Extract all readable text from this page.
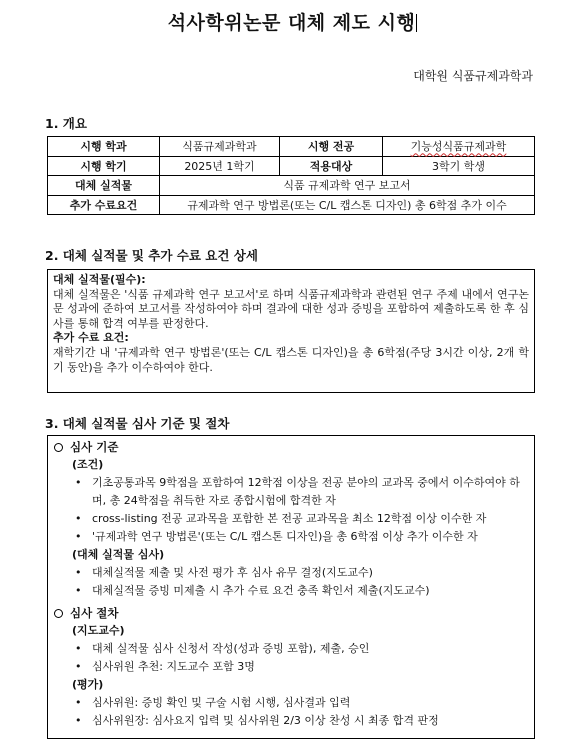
석사학위논문 대체 제도 시행
대학원 식품규제과학과
1. 개요
시행 학과	식품규제과학과	시행 전공	기능성식품규제과학
시행 학기	2025년 1학기	적용대상	3학기 학생
대체 실적물	식품 규제과학 연구 보고서		
추가 수료요건	규제과학 연구 방법론(또는 C/L 캡스톤 디자인) 총 6학점 추가 이수		
2. 대체 실적물 및 추가 수료 요건 상세
대체 실적물(필수):
대체 실적물은 '식품 규제과학 연구 보고서'로 하며 식품규제과학과 관련된 연구 주제 내에서 연구논문 성과에 준하여 보고서를 작성하여야 하며 결과에 대한 성과 증빙을 포함하여 제출하도록 한 후 심사를 통해 합격 여부를 판정한다.
추가 수료 요건:
재학기간 내 '규제과학 연구 방법론'(또는 C/L 캡스톤 디자인)을 총 6학점(주당 3시간 이상, 2개 학기 동안)을 추가 이수하여야 한다.
3. 대체 실적물 심사 기준 및 절차
심사 기준
(조건)
• 기초공통과목 9학점을 포함하여 12학점 이상을 전공 분야의 교과목 중에서 이수하여야 하며, 총 24학점을 취득한 자로 종합시험에 합격한 자
• cross-listing 전공 교과목을 포함한 본 전공 교과목을 최소 12학점 이상 이수한 자
• '규제과학 연구 방법론'(또는 C/L 캡스톤 디자인)을 총 6학점 이상 추가 이수한 자
(대체 실적물 심사)
• 대체실적물 제출 및 사전 평가 후 심사 유무 결정(지도교수)
• 대체실적물 증빙 미제출 시 추가 수료 요건 충족 확인서 제출(지도교수)
심사 절차
(지도교수)
• 대체 실적물 심사 신청서 작성(성과 증빙 포함), 제출, 승인
• 심사위원 추천: 지도교수 포함 3명
(평가)
• 심사위원: 증빙 확인 및 구술 시험 시행, 심사결과 입력
• 심사위원장: 심사요지 입력 및 심사위원 2/3 이상 찬성 시 최종 합격 판정
